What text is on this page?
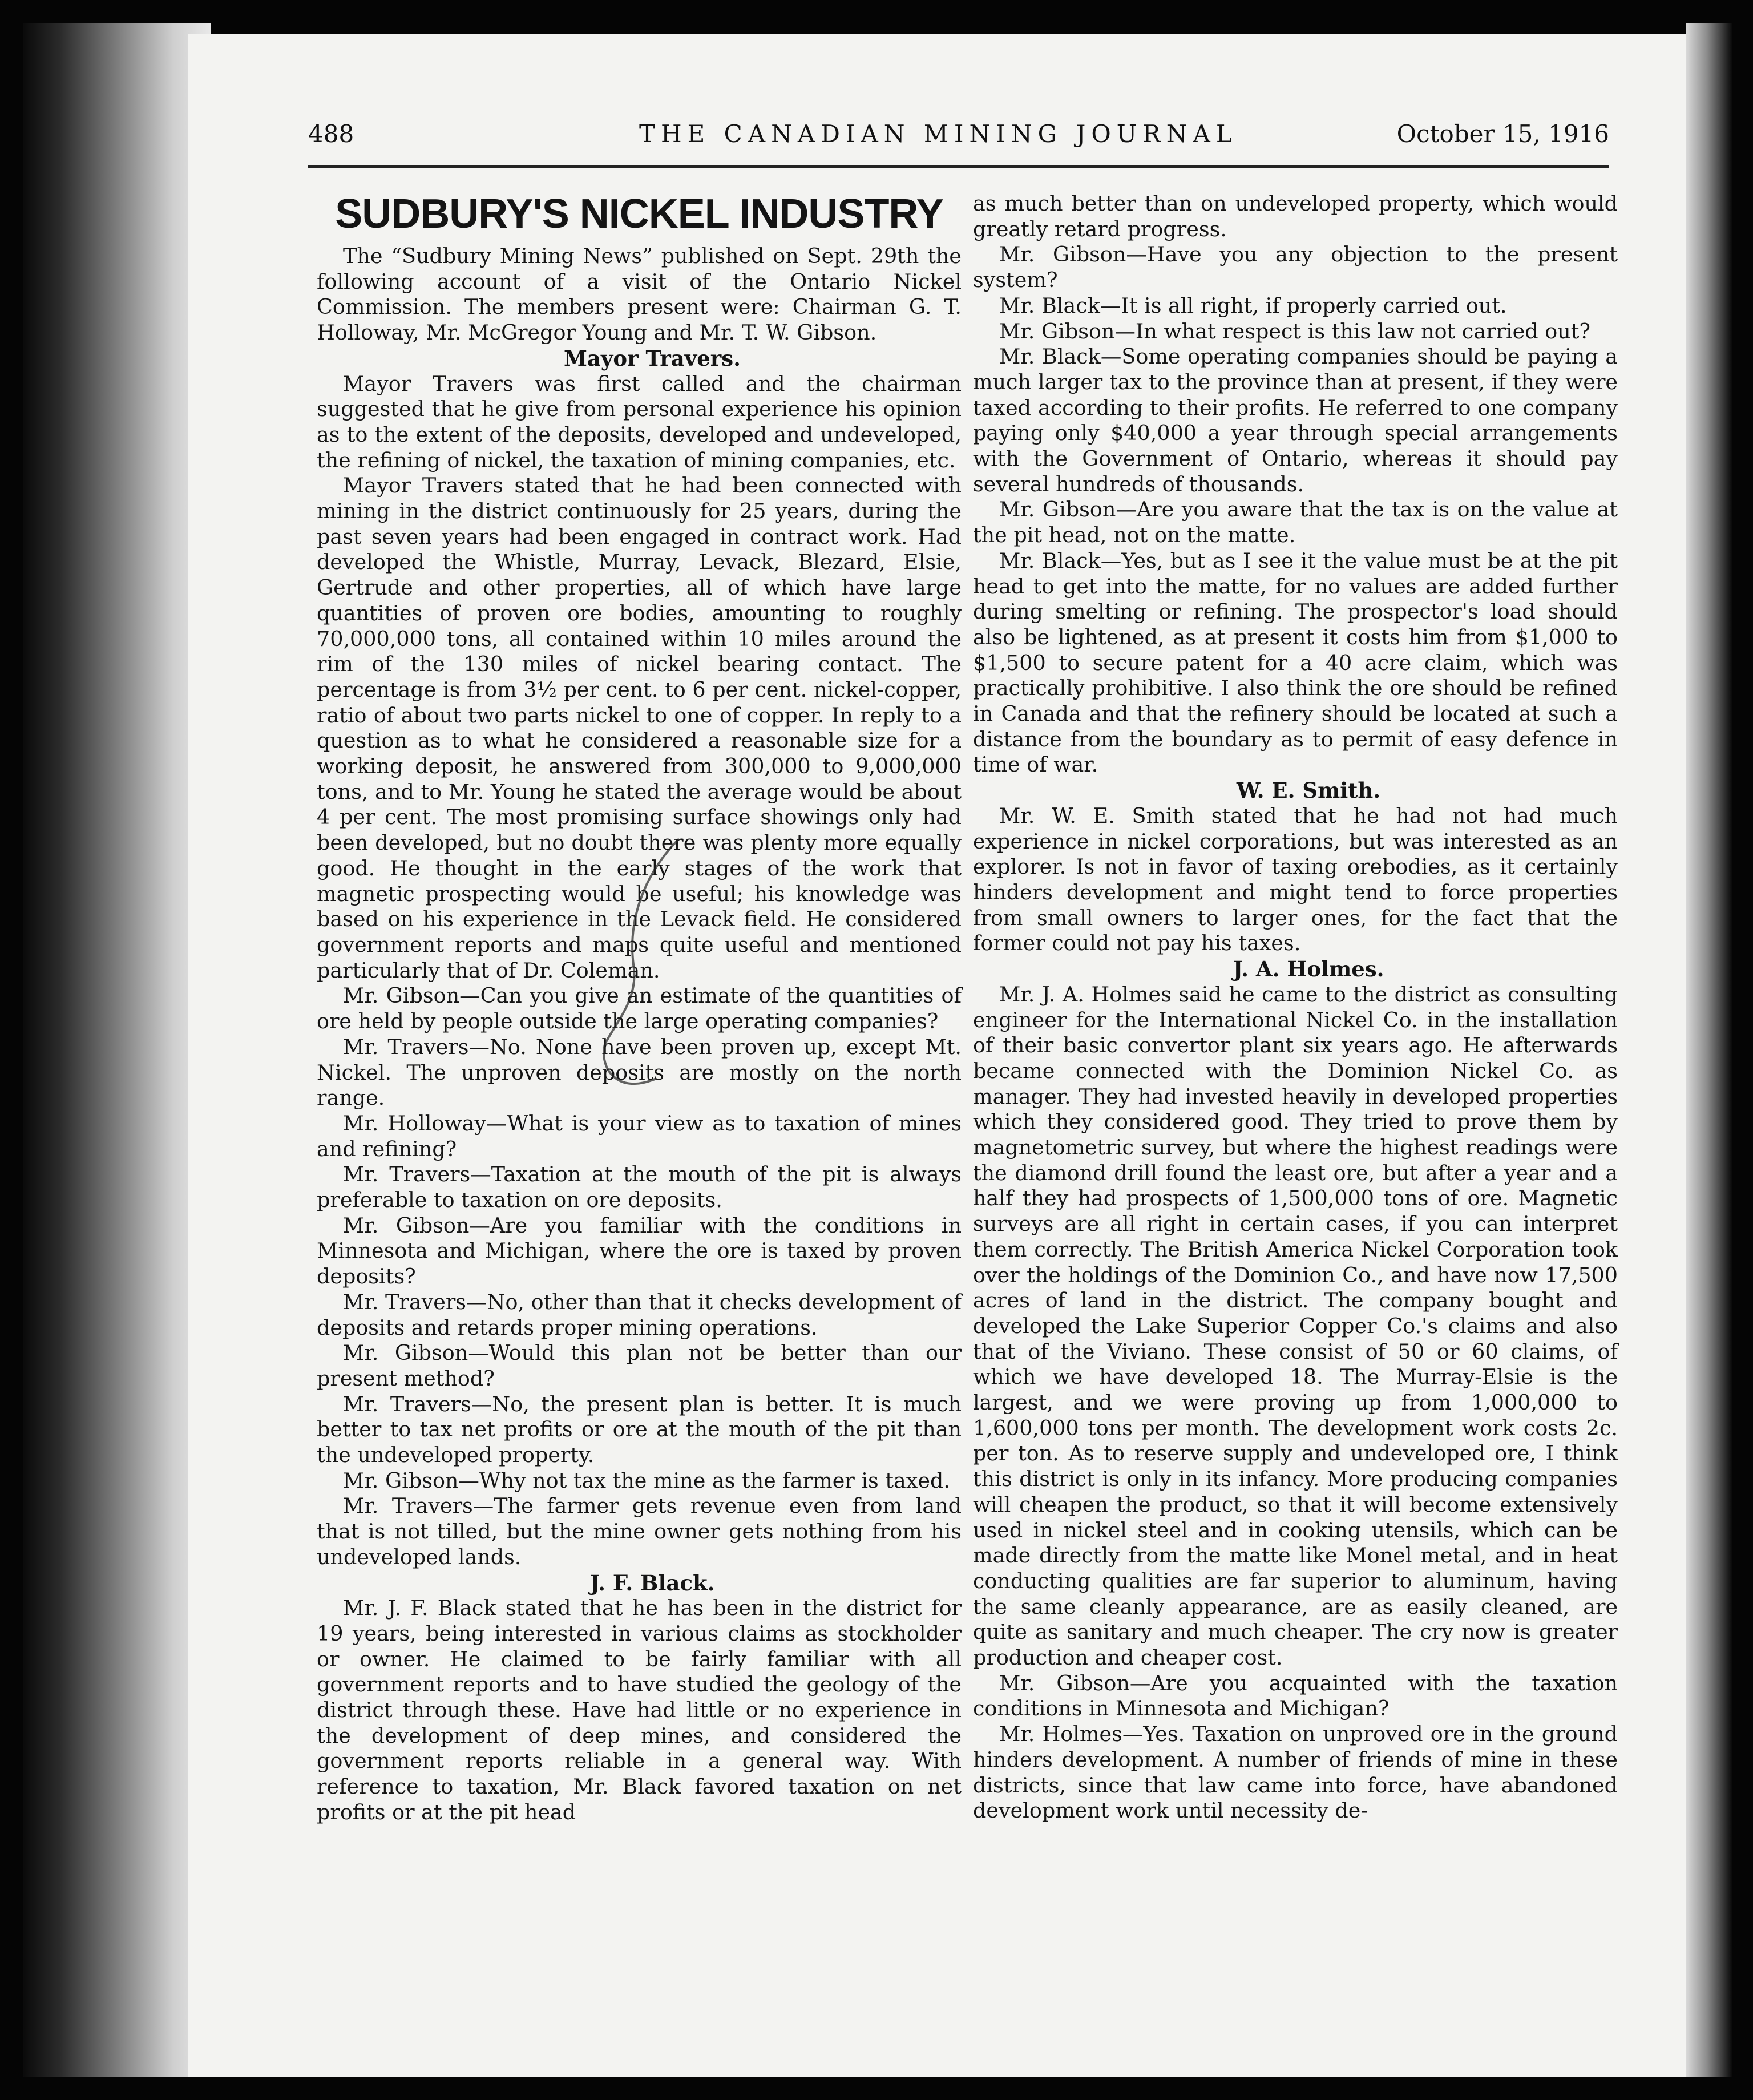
488	THE CANADIAN MINING JOURNAL	October 15, 1916
SUDBURY'S NICKEL INDUSTRY

The “Sudbury Mining News” published on Sept. 29th the following account of a visit of the Ontario Nickel Commission. The members present were: Chairman G. T. Holloway, Mr. McGregor Young and Mr. T. W. Gibson.

Mayor Travers.

Mayor Travers was first called and the chairman suggested that he give from personal experience his opinion as to the extent of the deposits, developed and undeveloped, the refining of nickel, the taxation of mining companies, etc.

Mayor Travers stated that he had been connected with mining in the district continuously for 25 years, during the past seven years had been engaged in contract work. Had developed the Whistle, Murray, Levack, Blezard, Elsie, Gertrude and other properties, all of which have large quantities of proven ore bodies, amounting to roughly 70,000,000 tons, all contained within 10 miles around the rim of the 130 miles of nickel bearing contact. The percentage is from 3½ per cent. to 6 per cent. nickel-copper, ratio of about two parts nickel to one of copper. In reply to a question as to what he considered a reasonable size for a working deposit, he answered from 300,000 to 9,000,000 tons, and to Mr. Young he stated the average would be about 4 per cent. The most promising surface showings only had been developed, but no doubt there was plenty more equally good. He thought in the early stages of the work that magnetic prospecting would be useful; his knowledge was based on his experience in the Levack field. He considered government reports and maps quite useful and mentioned particularly that of Dr. Coleman.

Mr. Gibson—Can you give an estimate of the quantities of ore held by people outside the large operating companies?

Mr. Travers—No. None have been proven up, except Mt. Nickel. The unproven deposits are mostly on the north range.

Mr. Holloway—What is your view as to taxation of mines and refining?

Mr. Travers—Taxation at the mouth of the pit is always preferable to taxation on ore deposits.

Mr. Gibson—Are you familiar with the conditions in Minnesota and Michigan, where the ore is taxed by proven deposits?

Mr. Travers—No, other than that it checks development of deposits and retards proper mining operations.

Mr. Gibson—Would this plan not be better than our present method?

Mr. Travers—No, the present plan is better. It is much better to tax net profits or ore at the mouth of the pit than the undeveloped property.

Mr. Gibson—Why not tax the mine as the farmer is taxed.

Mr. Travers—The farmer gets revenue even from land that is not tilled, but the mine owner gets nothing from his undeveloped lands.

J. F. Black.

Mr. J. F. Black stated that he has been in the district for 19 years, being interested in various claims as stockholder or owner. He claimed to be fairly familiar with all government reports and to have studied the geology of the district through these. Have had little or no experience in the development of deep mines, and considered the government reports reliable in a general way. With reference to taxation, Mr. Black favored taxation on net profits or at the pit head

as much better than on undeveloped property, which would greatly retard progress.

Mr. Gibson—Have you any objection to the present system?

Mr. Black—It is all right, if properly carried out.

Mr. Gibson—In what respect is this law not carried out?

Mr. Black—Some operating companies should be paying a much larger tax to the province than at present, if they were taxed according to their profits. He referred to one company paying only $40,000 a year through special arrangements with the Government of Ontario, whereas it should pay several hundreds of thousands.

Mr. Gibson—Are you aware that the tax is on the value at the pit head, not on the matte.

Mr. Black—Yes, but as I see it the value must be at the pit head to get into the matte, for no values are added further during smelting or refining. The prospector's load should also be lightened, as at present it costs him from $1,000 to $1,500 to secure patent for a 40 acre claim, which was practically prohibitive. I also think the ore should be refined in Canada and that the refinery should be located at such a distance from the boundary as to permit of easy defence in time of war.

W. E. Smith.

Mr. W. E. Smith stated that he had not had much experience in nickel corporations, but was interested as an explorer. Is not in favor of taxing orebodies, as it certainly hinders development and might tend to force properties from small owners to larger ones, for the fact that the former could not pay his taxes.

J. A. Holmes.

Mr. J. A. Holmes said he came to the district as consulting engineer for the International Nickel Co. in the installation of their basic convertor plant six years ago. He afterwards became connected with the Dominion Nickel Co. as manager. They had invested heavily in developed properties which they considered good. They tried to prove them by magnetometric survey, but where the highest readings were the diamond drill found the least ore, but after a year and a half they had prospects of 1,500,000 tons of ore. Magnetic surveys are all right in certain cases, if you can interpret them correctly. The British America Nickel Corporation took over the holdings of the Dominion Co., and have now 17,500 acres of land in the district. The company bought and developed the Lake Superior Copper Co.'s claims and also that of the Viviano. These consist of 50 or 60 claims, of which we have developed 18. The Murray-Elsie is the largest, and we were proving up from 1,000,000 to 1,600,000 tons per month. The development work costs 2c. per ton. As to reserve supply and undeveloped ore, I think this district is only in its infancy. More producing companies will cheapen the product, so that it will become extensively used in nickel steel and in cooking utensils, which can be made directly from the matte like Monel metal, and in heat conducting qualities are far superior to aluminum, having the same cleanly appearance, are as easily cleaned, are quite as sanitary and much cheaper. The cry now is greater production and cheaper cost.

Mr. Gibson—Are you acquainted with the taxation conditions in Minnesota and Michigan?

Mr. Holmes—Yes. Taxation on unproved ore in the ground hinders development. A number of friends of mine in these districts, since that law came into force, have abandoned development work until necessity de-
